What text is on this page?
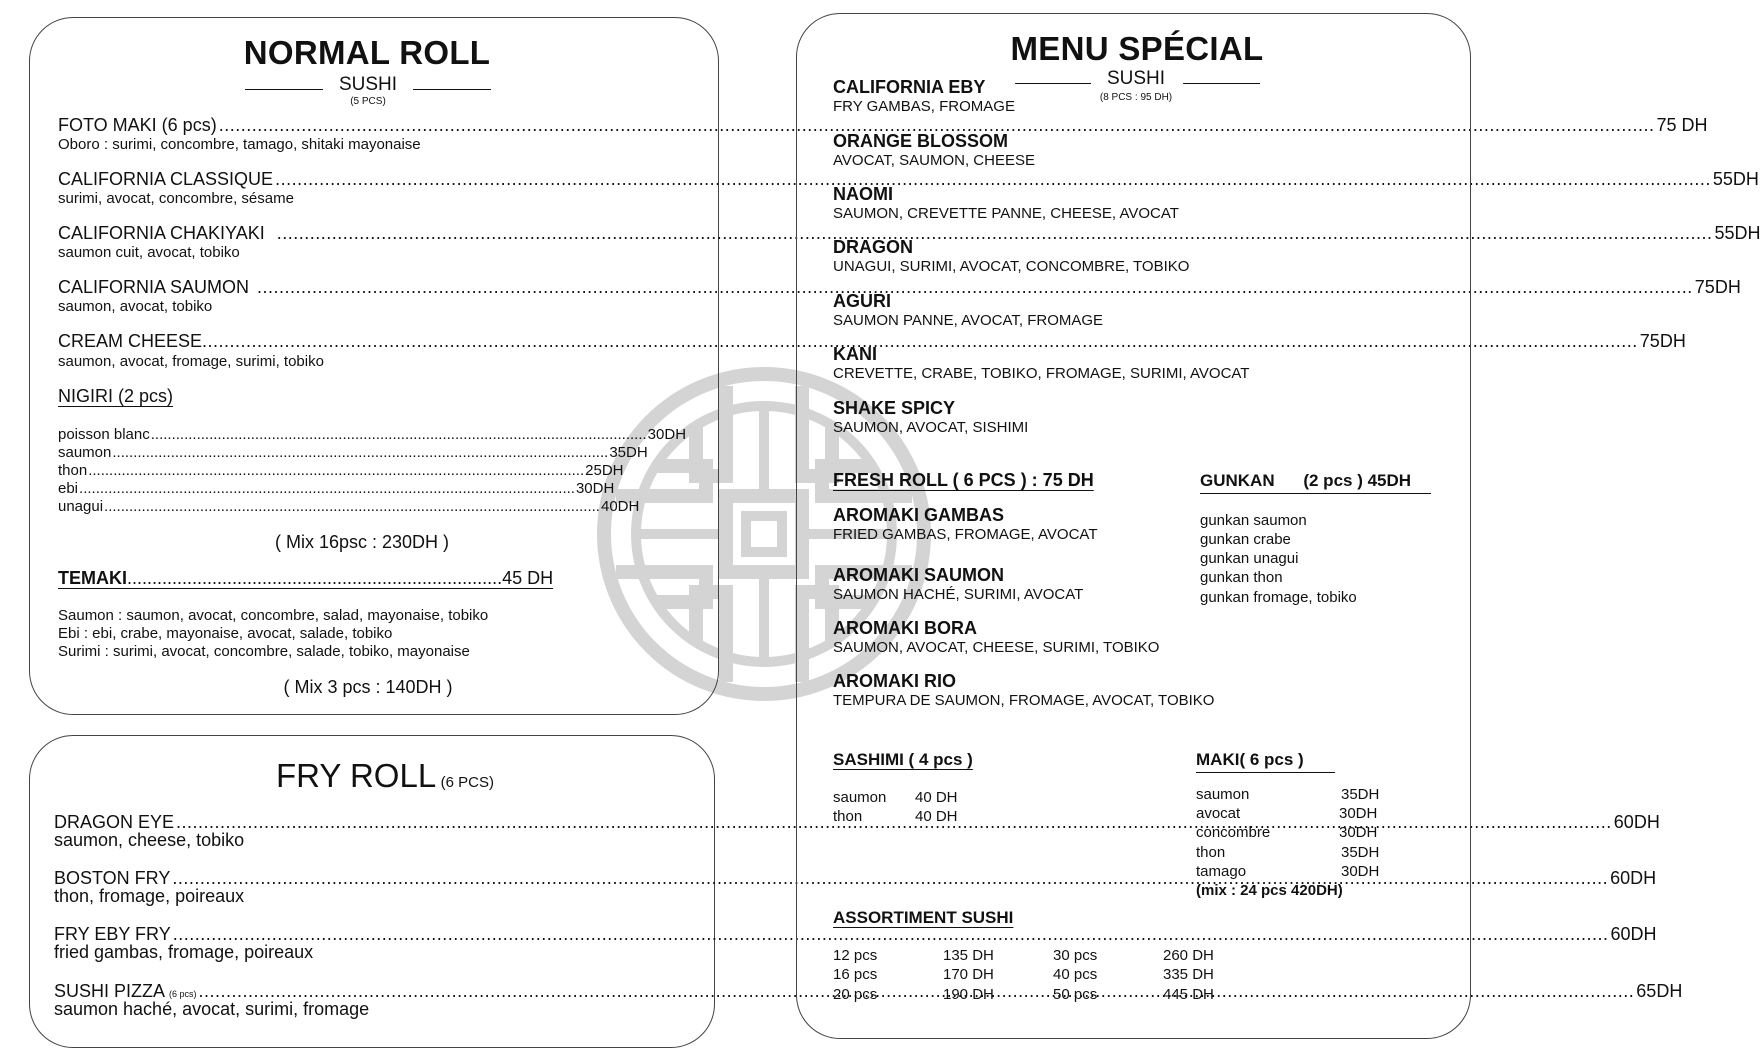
NORMAL ROLL
SUSHI
(5 PCS)
FOTO MAKI (6 pcs) .....	75 DH
Oboro : surimi, concombre, tamago, shitaki mayonaise
CALIFORNIA CLASSIQUE .....	55DH
surimi, avocat, concombre, sésame
CALIFORNIA CHAKIYAKI .....	55DH
saumon cuit, avocat, tobiko
CALIFORNIA SAUMON .....	75DH
saumon, avocat, tobiko
CREAM CHEESE .....	75DH
saumon, avocat, fromage, surimi, tobiko
NIGIRI (2 pcs)
poisson blanc .....	30DH
saumon .....	35DH
thon .....	25DH
ebi .....	30DH
unagui .....	40DH
( Mix 16psc : 230DH )
TEMAKI ........................................................................... 45 DH
Saumon : saumon, avocat, concombre, salad, mayonaise, tobiko
Ebi : ebi, crabe, mayonaise, avocat, salade, tobiko
Surimi : surimi, avocat, concombre, salade, tobiko, mayonaise
( Mix 3 pcs : 140DH )
FRY ROLL (6 PCS)
DRAGON EYE .....	60DH
saumon, cheese, tobiko
BOSTON FRY .....	60DH
thon, fromage, poireaux
FRY EBY FRY .....	60DH
fried gambas, fromage, poireaux
SUSHI PIZZA (6 pcs) .....	65DH
saumon haché, avocat, surimi, fromage
MENU SPÉCIAL
SUSHI
(8 PCS : 95 DH)
CALIFORNIA EBY
FRY GAMBAS, FROMAGE
ORANGE BLOSSOM
AVOCAT, SAUMON, CHEESE
NAOMI
SAUMON, CREVETTE PANNE, CHEESE, AVOCAT
DRAGON
UNAGUI, SURIMI, AVOCAT, CONCOMBRE, TOBIKO
AGURI
SAUMON PANNE, AVOCAT, FROMAGE
KANI
CREVETTE, CRABE, TOBIKO, FROMAGE, SURIMI, AVOCAT
SHAKE SPICY
SAUMON, AVOCAT, SISHIMI
FRESH ROLL ( 6 PCS ) : 75 DH
AROMAKI GAMBAS
FRIED GAMBAS, FROMAGE, AVOCAT
AROMAKI SAUMON
SAUMON HACHÉ, SURIMI, AVOCAT
AROMAKI BORA
SAUMON, AVOCAT, CHEESE, SURIMI, TOBIKO
AROMAKI RIO
TEMPURA DE SAUMON, FROMAGE, AVOCAT, TOBIKO
GUNKAN (2 pcs ) 45DH
gunkan saumon
gunkan crabe
gunkan unagui
gunkan thon
gunkan fromage, tobiko
SASHIMI ( 4 pcs )
saumon 40 DH
thon	40 DH
MAKI( 6 pcs )
saumon	35DH
avocat	30DH
concombre	30DH
thon	35DH
tamago	30DH
(mix : 24 pcs 420DH)
ASSORTIMENT SUSHI
12 pcs	135 DH	30 pcs	260 DH
16 pcs	170 DH	40 pcs	335 DH
20 pcs	190 DH	50 pcs	445 DH
